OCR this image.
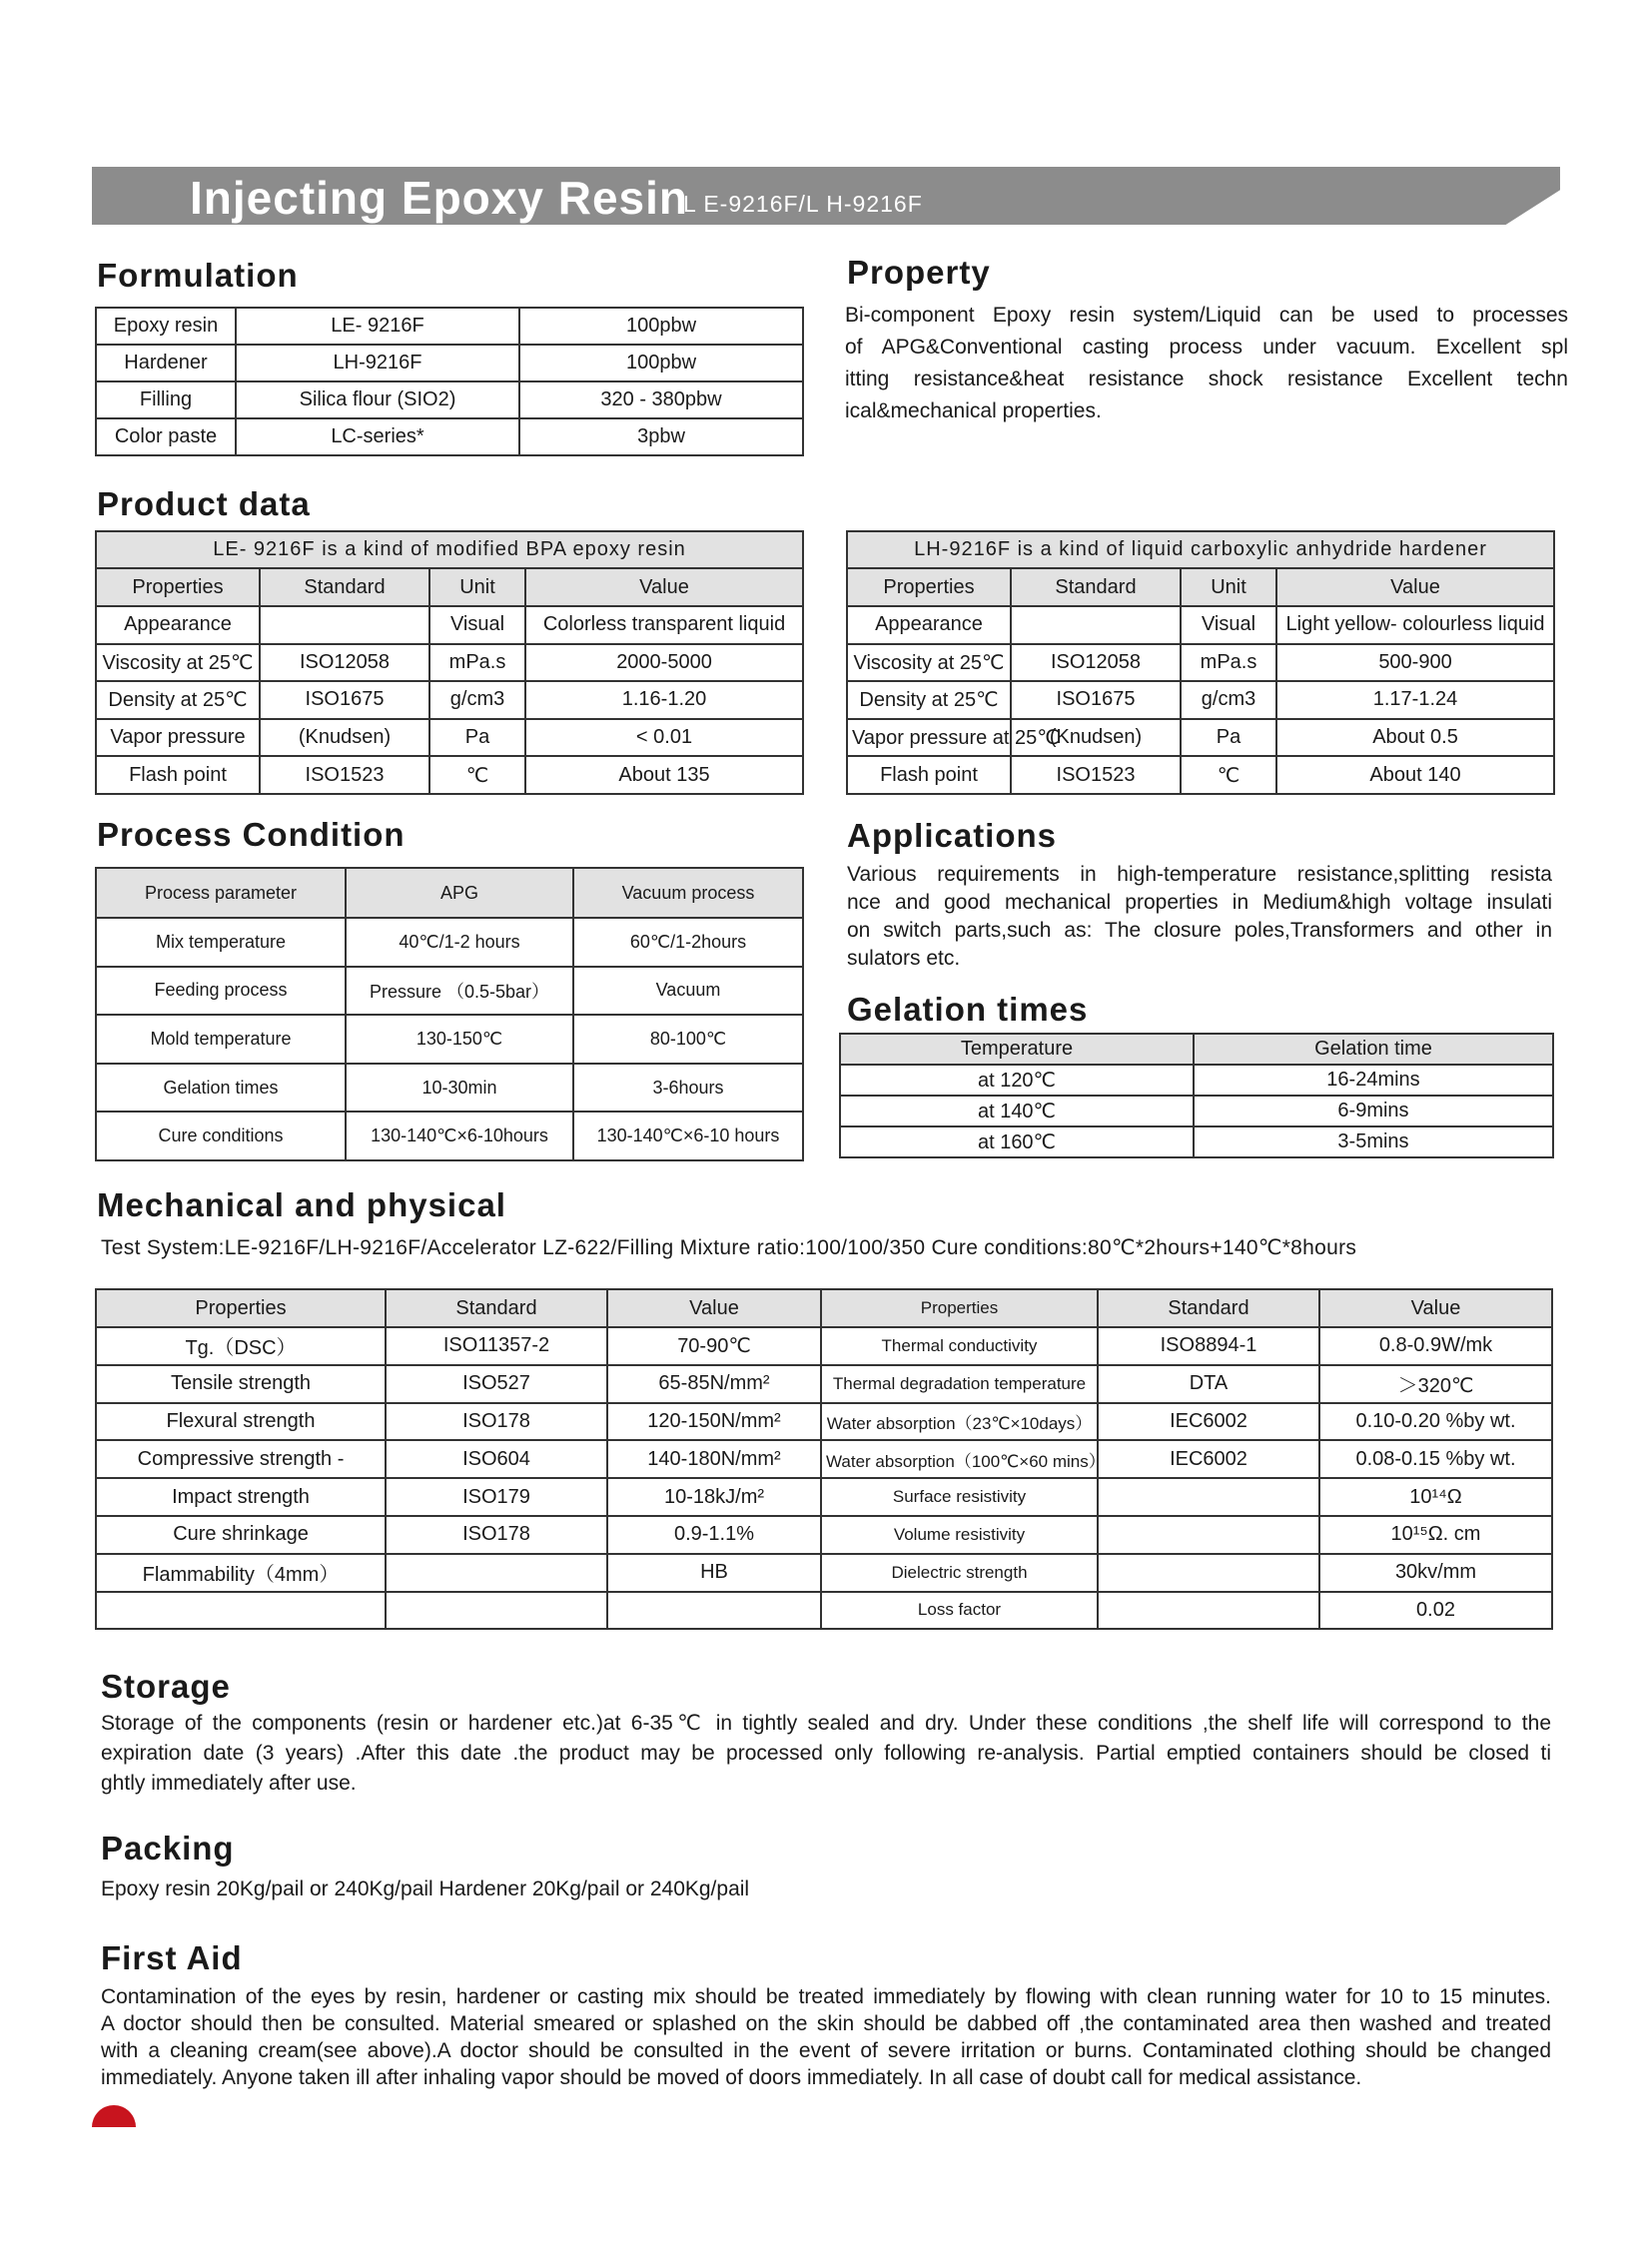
Injecting Epoxy Resin
L E-9216F/L H-9216F
Formulation
Epoxy resin	LE- 9216F	100pbw
Hardener	LH-9216F	100pbw
Filling	Silica flour (SIO2)	320 - 380pbw
Color paste	LC-series*	3pbw
Property

Bi-component Epoxy resin system/Liquid can be used to processes

of APG&Conventional casting process under vacuum. Excellent spl

itting resistance&heat resistance shock resistance Excellent techn

ical&mechanical properties.

Product data
LE- 9216F is a kind of modified BPA epoxy resin			
Properties	Standard	Unit	Value
Appearance		Visual	Colorless transparent liquid
Viscosity at 25℃	ISO12058	mPa.s	2000-5000
Density at 25℃	ISO1675	g/cm3	1.16-1.20
Vapor pressure	(Knudsen)	Pa	< 0.01
Flash point	ISO1523	℃	About 135
LH-9216F is a kind of liquid carboxylic anhydride hardener			
Properties	Standard	Unit	Value
Appearance		Visual	Light yellow- colourless liquid
Viscosity at 25℃	ISO12058	mPa.s	500-900
Density at 25℃	ISO1675	g/cm3	1.17-1.24
Vapor pressure at 25℃	(Knudsen)	Pa	About 0.5
Flash point	ISO1523	℃	About 140
Process Condition
Process parameter	APG	Vacuum process
Mix temperature	40℃/1-2 hours	60℃/1-2hours
Feeding process	Pressure （0.5-5bar）	Vacuum
Mold temperature	130-150℃	80-100℃
Gelation times	10-30min	3-6hours
Cure conditions	130-140℃×6-10hours	130-140℃×6-10 hours
Applications

Various requirements in high-temperature resistance,splitting resista

nce and good mechanical properties in Medium&high voltage insulati

on switch parts,such as: The closure poles,Transformers and other in

sulators etc.

Gelation times
Temperature	Gelation time
at 120℃	16-24mins
at 140℃	6-9mins
at 160℃	3-5mins
Mechanical and physical
Test System:LE-9216F/LH-9216F/Accelerator LZ-622/Filling Mixture ratio:100/100/350 Cure conditions:80℃*2hours+140℃*8hours
Properties	Standard	Value	Properties	Standard	Value
Tg.（DSC）	ISO11357-2	70-90℃	Thermal conductivity	ISO8894-1	0.8-0.9W/mk
Tensile strength	ISO527	65-85N/mm²	Thermal degradation temperature	DTA	＞320℃
Flexural strength	ISO178	120-150N/mm²	Water absorption（23℃×10days）	IEC6002	0.10-0.20 %by wt.
Compressive strength -	ISO604	140-180N/mm²	Water absorption（100℃×60 mins）	IEC6002	0.08-0.15 %by wt.
Impact strength	ISO179	10-18kJ/m²	Surface resistivity		10¹⁴Ω
Cure shrinkage	ISO178	0.9-1.1%	Volume resistivity		10¹⁵Ω. cm
Flammability（4mm）		HB	Dielectric strength		30kv/mm
			Loss factor		0.02
Storage

Storage of the components (resin or hardener etc.)at 6-35℃ in tightly sealed and dry. Under these conditions ,the shelf life will correspond to the

expiration date (3 years) .After this date .the product may be processed only following re-analysis. Partial emptied containers should be closed ti

ghtly immediately after use.

Packing

Epoxy resin 20Kg/pail or 240Kg/pail Hardener 20Kg/pail or 240Kg/pail

First Aid

Contamination of the eyes by resin, hardener or casting mix should be treated immediately by flowing with clean running water for 10 to 15 minutes.

A doctor should then be consulted. Material smeared or splashed on the skin should be dabbed off ,the contaminated area then washed and treated

with a cleaning cream(see above).A doctor should be consulted in the event of severe irritation or burns. Contaminated clothing should be changed

immediately. Anyone taken ill after inhaling vapor should be moved of doors immediately. In all case of doubt call for medical assistance.
